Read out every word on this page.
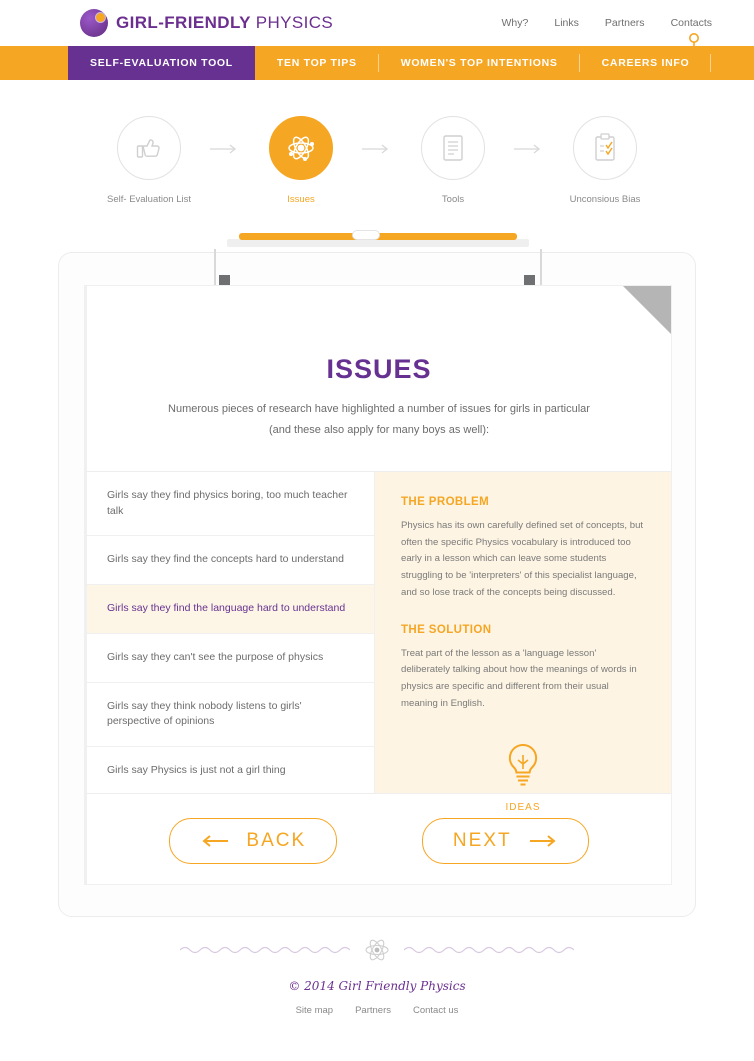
GIRL-FRIENDLY PHYSICS	Why? Links Partners Contacts
SELF-EVALUATION TOOL	TEN TOP TIPS	WOMEN'S TOP INTENTIONS	CAREERS INFO
Self- Evaluation List	Issues	Tools	Unconsious Bias
ISSUES
Numerous pieces of research have highlighted a number of issues for girls in particular
(and these also apply for many boys as well):
Girls say they find physics boring, too much teacher talk
Girls say they find the concepts hard to understand
Girls say they find the language hard to understand
Girls say they can't see the purpose of physics
Girls say they think nobody listens to girls' perspective of opinions
Girls say Physics is just not a girl thing
THE PROBLEM

Physics has its own carefully defined set of concepts, but often the specific Physics vocabulary is introduced too early in a lesson which can leave some students struggling to be 'interpreters' of this specialist language, and so lose track of the concepts being discussed.

THE SOLUTION

Treat part of the lesson as a 'language lesson' deliberately talking about how the meanings of words in physics are specific and different from their usual meaning in English.

IDEAS
BACK	NEXT
© 2014 Girl Friendly Physics
Site map Partners Contact us
